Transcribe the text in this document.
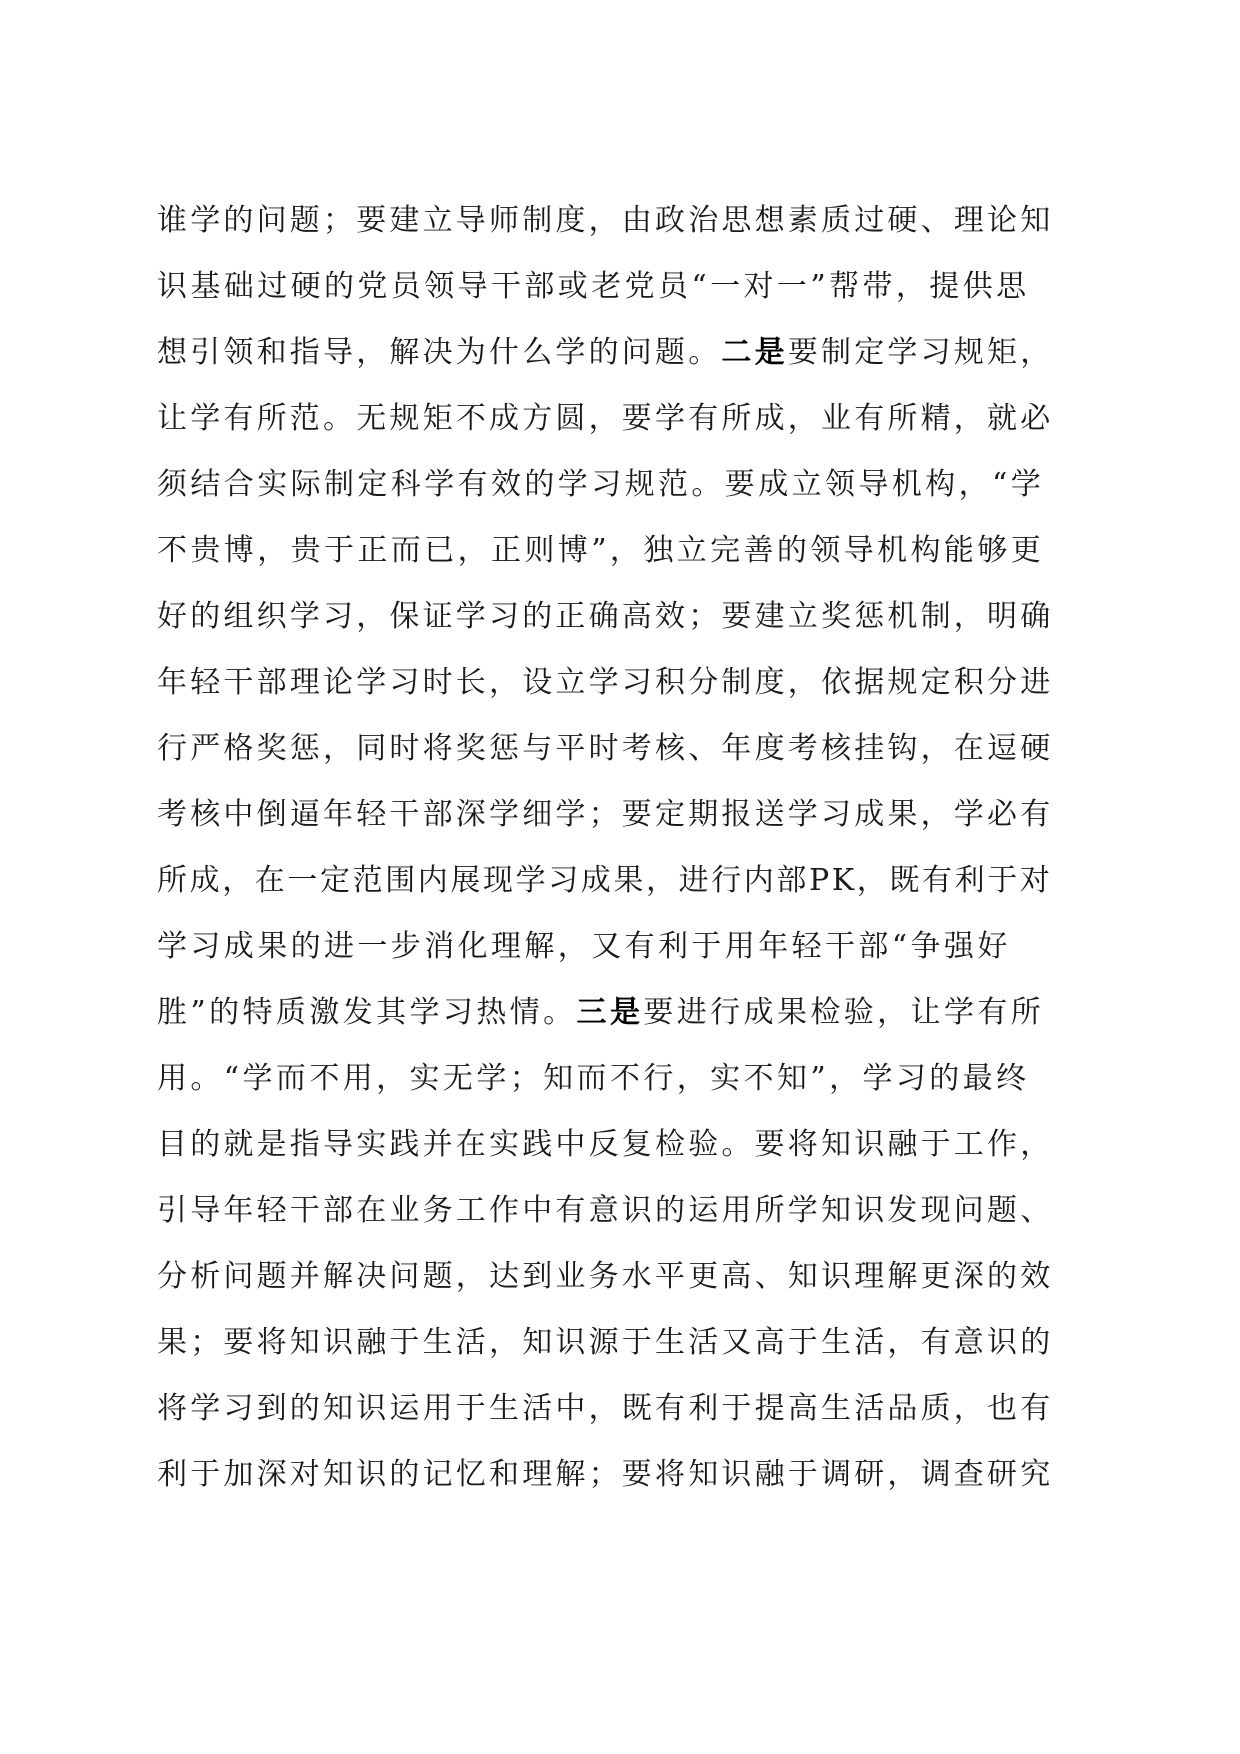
谁学的问题；要建立导师制度，由政治思想素质过硬、理论知
识基础过硬的党员领导干部或老党员“一对一”帮带，提供思
想引领和指导，解决为什么学的问题。二是要制定学习规矩，
让学有所范。无规矩不成方圆，要学有所成，业有所精，就必
须结合实际制定科学有效的学习规范。要成立领导机构，“学
不贵博，贵于正而已，正则博”，独立完善的领导机构能够更
好的组织学习，保证学习的正确高效；要建立奖惩机制，明确
年轻干部理论学习时长，设立学习积分制度，依据规定积分进
行严格奖惩，同时将奖惩与平时考核、年度考核挂钩，在逗硬
考核中倒逼年轻干部深学细学；要定期报送学习成果，学必有
所成，在一定范围内展现学习成果，进行内部PK，既有利于对
学习成果的进一步消化理解，又有利于用年轻干部“争强好
胜”的特质激发其学习热情。三是要进行成果检验，让学有所
用。“学而不用，实无学；知而不行，实不知”，学习的最终
目的就是指导实践并在实践中反复检验。要将知识融于工作，
引导年轻干部在业务工作中有意识的运用所学知识发现问题、
分析问题并解决问题，达到业务水平更高、知识理解更深的效
果；要将知识融于生活，知识源于生活又高于生活，有意识的
将学习到的知识运用于生活中，既有利于提高生活品质，也有
利于加深对知识的记忆和理解；要将知识融于调研，调查研究
